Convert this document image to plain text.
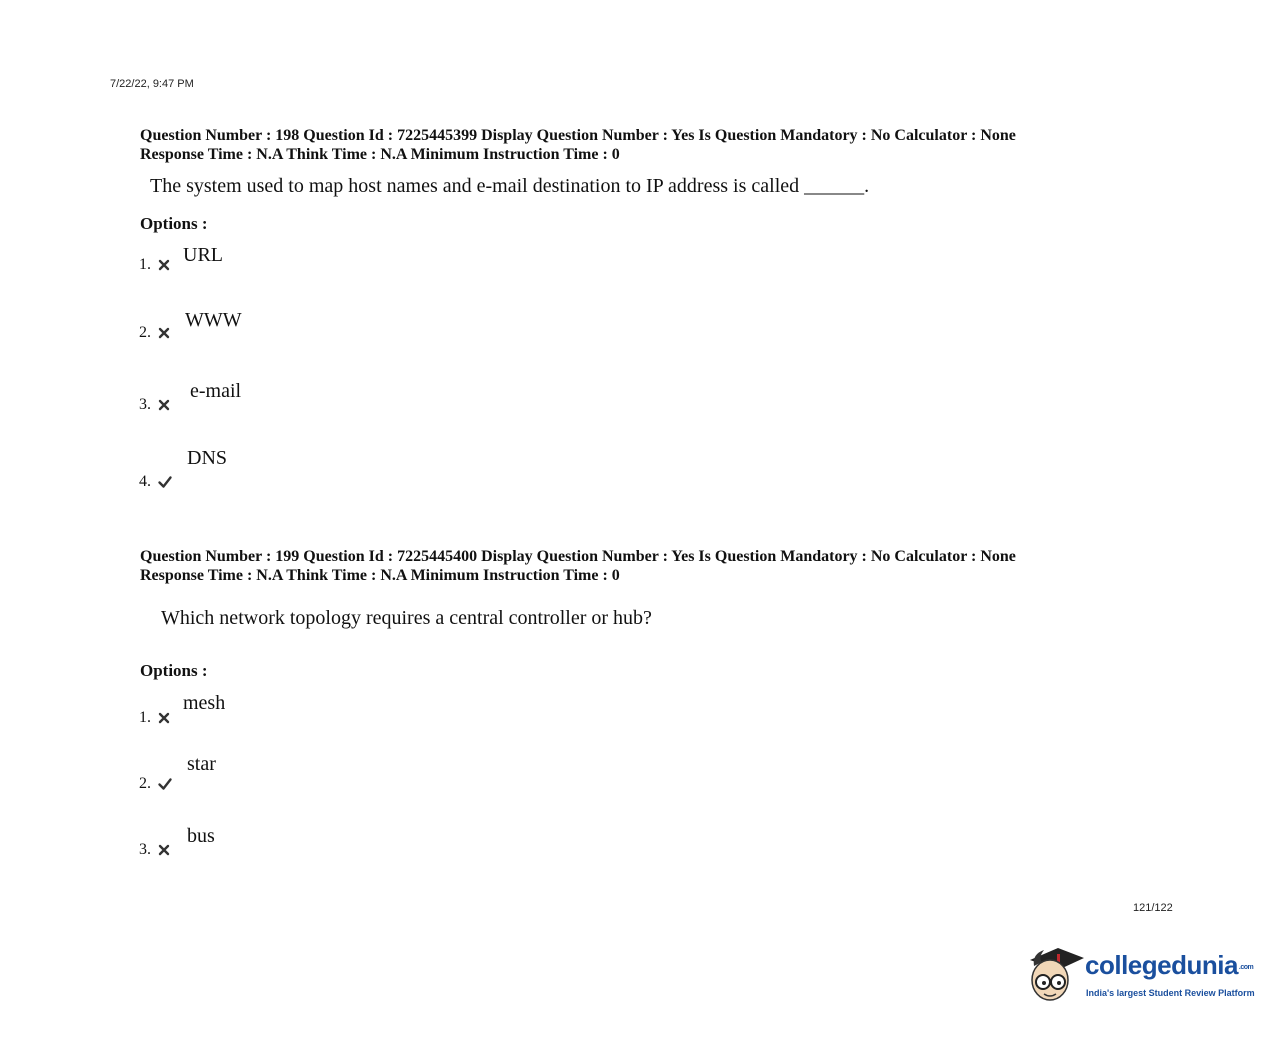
7/22/22, 9:47 PM
Question Number : 198 Question Id : 7225445399 Display Question Number : Yes Is Question Mandatory : No Calculator : None
Response Time : N.A Think Time : N.A Minimum Instruction Time : 0
The system used to map host names and e-mail destination to IP address is called ______.
Options :
1. URL
2.
WWW
3.
e-mail
4.
DNS
Question Number : 199 Question Id : 7225445400 Display Question Number : Yes Is Question Mandatory : No Calculator : None
Response Time : N.A Think Time : N.A Minimum Instruction Time : 0
Which network topology requires a central controller or hub?
Options :
1.
mesh
2.
star
3.
bus
121/122
collegedunia.com
India's largest Student Review Platform
